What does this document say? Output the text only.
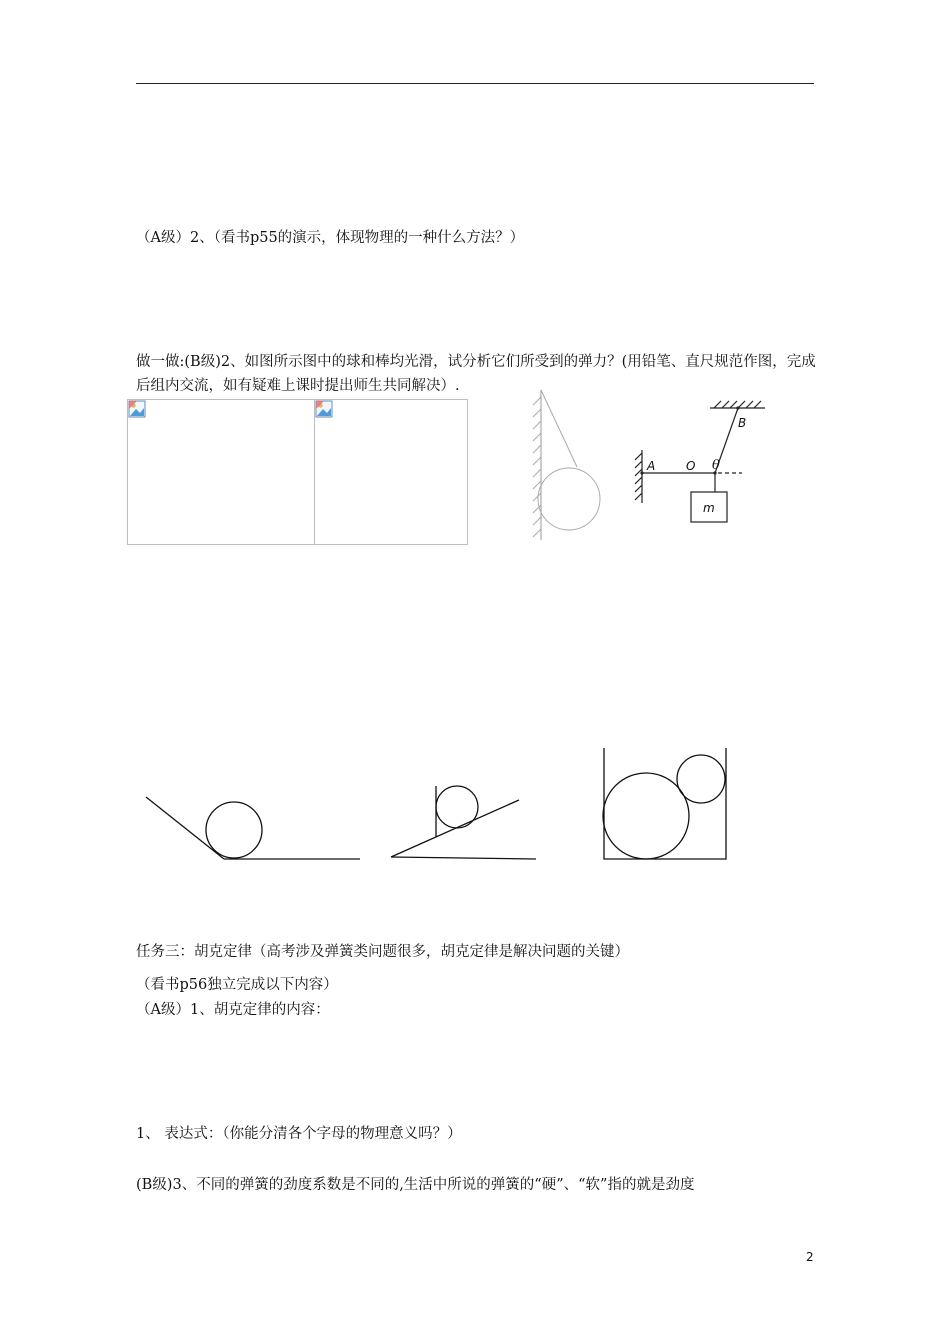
（A级）2、（看书p55的演示，体现物理的一种什么方法？）
做一做:(B级)2、如图所示图中的球和棒均光滑，试分析它们所受到的弹力？(用铅笔、直尺规范作图，完成后组内交流，如有疑难上课时提出师生共同解决）.
A	O
B
θ
m
任务三：胡克定律（高考涉及弹簧类问题很多，胡克定律是解决问题的关键）
（看书p56独立完成以下内容）
（A级）1、胡克定律的内容：
1、 表达式：（你能分清各个字母的物理意义吗？）
(B级)3、不同的弹簧的劲度系数是不同的,生活中所说的弹簧的“硬”、“软”指的就是劲度
2
